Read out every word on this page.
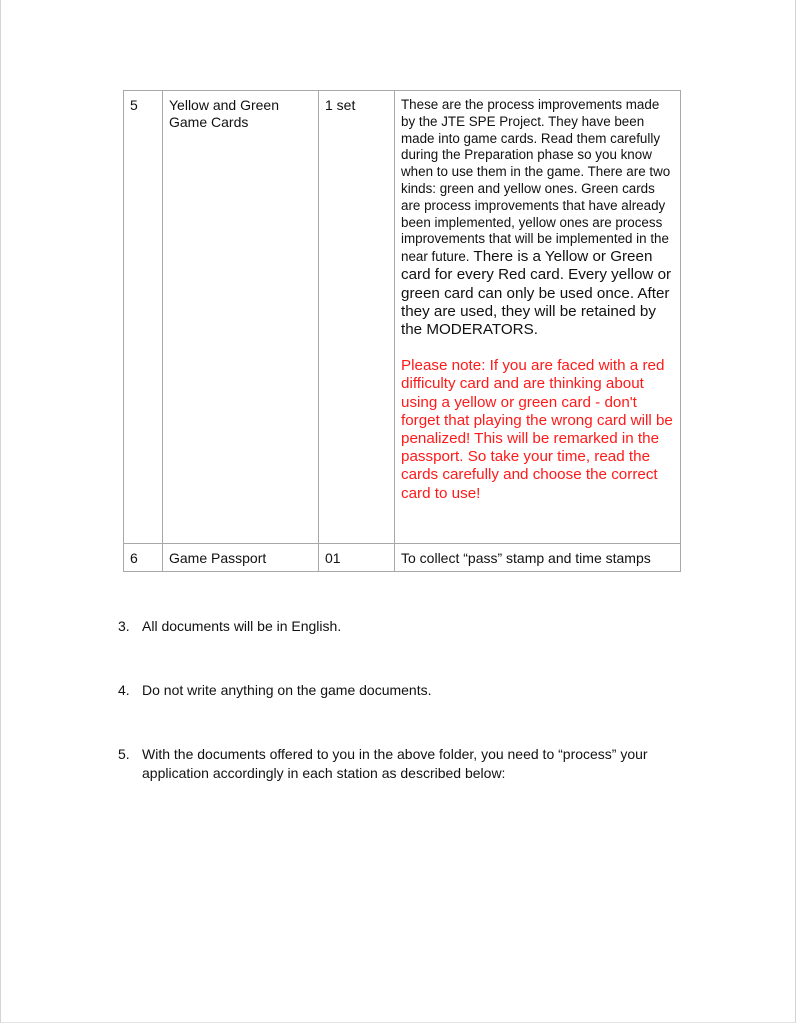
5	Yellow and Green Game Cards	1 set	These are the process improvements made by the JTE SPE Project. They have been made into game cards. Read them carefully during the Preparation phase so you know when to use them in the game. There are two kinds: green and yellow ones. Green cards are process improvements that have already been implemented, yellow ones are process improvements that will be implemented in the near future. There is a Yellow or Green card for every Red card. Every yellow or green card can only be used once. After they are used, they will be retained by the MODERATORS.
Please note: If you are faced with a red difficulty card and are thinking about using a yellow or green card - don't forget that playing the wrong card will be penalized! This will be remarked in the passport. So take your time, read the cards carefully and choose the correct card to use!

6	Game Passport	01	To collect “pass” stamp and time stamps
3. All documents will be in English.
4. Do not write anything on the game documents.
5. With the documents offered to you in the above folder, you need to “process” your application accordingly in each station as described below:
